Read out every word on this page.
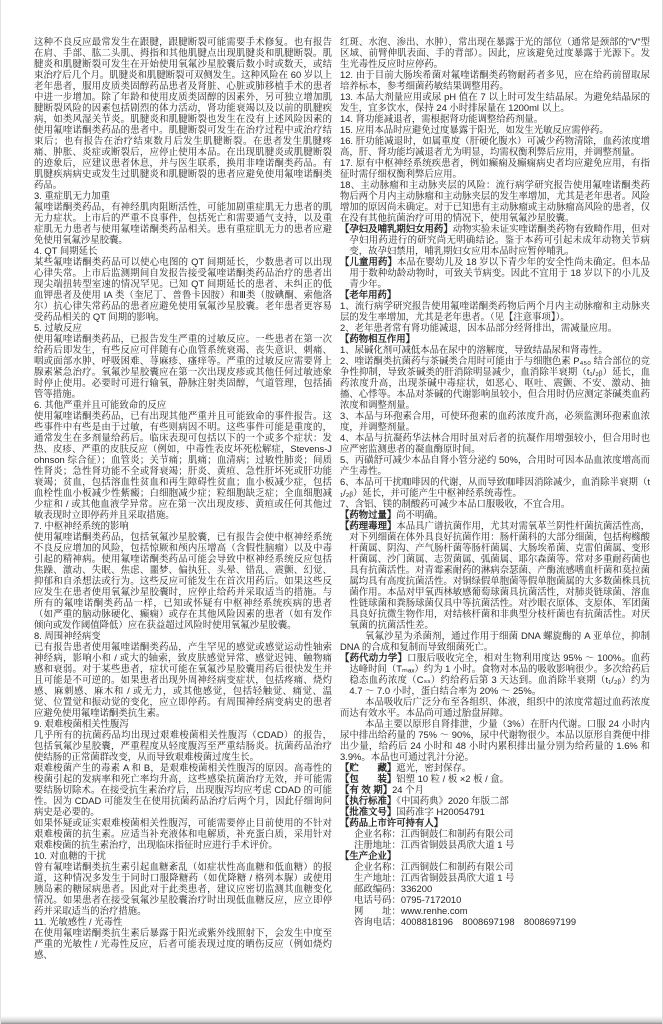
这种不良反应最常发生在跟腱，跟腱断裂可能需要手术修复。也有报告在肩、手部、肱二头肌、拇指和其他肌腱点出现肌腱炎和肌腱断裂。肌腱炎和肌腱断裂可发生在开始使用氧氟沙星胶囊后数小时或数天，或结束治疗后几个月。肌腱炎和肌腱断裂可双侧发生。这种风险在 60 岁以上老年患者，服用皮质类固醇药品患者及肾脏、心脏或肺移植手术的患者中进一步增加。除了年龄和使用皮质类固醇的因素外，另可独立增加肌腱断裂风险的因素包括剧烈的体力活动，肾功能衰竭以及以前的肌腱疾病，如类风湿关节炎。肌腱炎和肌腱断裂也发生在没有上述风险因素的使用氟喹诺酮类药品的患者中。肌腱断裂可发生在治疗过程中或治疗结束后；也有报告在治疗结束数月后发生肌腱断裂。在患者发生肌腱疼痛、肿胀、炎症或断裂后，应停止使用本品。在出现肌腱炎或肌腱断裂的迹象后，应建议患者休息，并与医生联系，换用非喹诺酮类药品。有肌腱疾病病史或发生过肌腱炎和肌腱断裂的患者应避免使用氟喹诺酮类药品。

3. 重症肌无力加重

氟喹诺酮类药品，有神经肌肉阻断活性，可能加剧重症肌无力患者的肌无力症状。上市后的严重不良事件，包括死亡和需要通气支持，以及重症肌无力患者与使用氟喹诺酮类药品相关。患有重症肌无力的患者应避免使用氧氟沙星胶囊。

4. QT 间期延长

某些氟喹诺酮类药品可以使心电图的 QT 间期延长，少数患者可以出现心律失常。上市后监测期间自发报告接受氟喹诺酮类药品治疗的患者出现尖端扭转型室速的情况罕见。已知 QT 间期延长的患者、未纠正的低血钾患者及使用 IA 类（奎尼丁、普鲁卡因胺）和Ⅲ类（胺碘酮、索他洛尔）抗心律失常药品的患者应避免使用氧氟沙星胶囊。老年患者更容易受药品相关的 QT 间期的影响。

5. 过敏反应

使用氟喹诺酮类药品，已报告发生严重的过敏反应。一些患者在第一次给药后即发生，有些反应可伴随有心血管系统衰竭、丧失意识、刺痛、咽或面部水肿、呼吸困难、荨麻疹、瘙痒等。严重的过敏反应需要肾上腺素紧急治疗。氧氟沙星胶囊应在第一次出现皮疹或其他任何过敏迹象时停止使用。必要时可进行输氧，静脉注射类固醇，气道管理，包括插管等措施。

6. 其他严重并且可能致命的反应

使用氟喹诺酮类药品，已有出现其他严重并且可能致命的事件报告。这些事件中有些是由于过敏，有些则病因不明。这些事件可能是重度的，通常发生在多剂量给药后。临床表现可包括以下的一个或多个症状：发热、皮疹、严重的皮肤反应（例如，中毒性表皮坏死松解症，Stevens-Johnson 综合征）；血管炎；关节痛；肌痛；血清病；过敏性肺炎；间质性肾炎；急性肾功能不全或肾衰竭；肝炎、黄疸、急性肝坏死或肝功能衰竭；贫血，包括溶血性贫血和再生障碍性贫血；血小板减少症，包括血栓性血小板减少性紫癜；白细胞减少症；粒细胞缺乏症；全血细胞减少症和 / 或其他血液学异常。应在第一次出现皮疹、黄疸或任何其他过敏表现时立即停药并且采取措施。

7. 中枢神经系统的影响

使用氟喹诺酮类药品，包括氧氟沙星胶囊，已有报告会使中枢神经系统不良反应增加的风险，包括惊厥和颅内压增高（含假性脑瘤）以及中毒引起的精神病。使用氟喹诺酮类药品可能会导致中枢神经系统反应包括焦躁、激动、失眠、焦虑、噩梦、偏执狂、头晕、错乱、震颤、幻觉、抑郁和自杀想法或行为。这些反应可能发生在首次用药后。如果这些反应发生在患者使用氧氟沙星胶囊时，应停止给药并采取适当的措施。与所有的氟喹诺酮类药品一样，已知或怀疑有中枢神经系统疾病的患者（如严重的脑动脉硬化、癫痫）或存在其他风险因素的患者（如有发作倾向或发作阈值降低）应在获益超过风险时使用氧氟沙星胶囊。

8. 周围神经病变

已有报告患者使用氟喹诺酮类药品，产生罕见的感觉或感觉运动性轴索神经病，影响小和 / 或大的轴索，致皮肤感觉异常、感觉迟钝、触物痛感和衰弱。对于某些患者，症状可能在氧氟沙星胶囊用药后很快发生并且可能是不可逆的。如果患者出现外周神经病变症状，包括疼痛、烧灼感、麻刺感、麻木和 / 或无力，或其他感觉，包括轻触觉、痛觉、温觉、位置觉和振动觉的变化，应立即停药。有周围神经病变病史的患者应避免使用氟喹诺酮类抗生素。

9. 艰难梭菌相关性腹泻

几乎所有的抗菌药品均出现过艰难梭菌相关性腹泻（CDAD）的报告，包括氧氟沙星胶囊，严重程度从轻度腹泻至严重结肠炎。抗菌药品治疗使结肠的正常菌群改变，从而导致艰难梭菌过度生长。

艰难梭菌产生的毒素 A 和 B，是艰难梭菌相关性腹泻的原因。高毒性的梭菌引起的发病率和死亡率均升高，这些感染抗菌治疗无效，并可能需要结肠切除术。在接受抗生素治疗后，出现腹泻均应考虑 CDAD 的可能性。因为 CDAD 可能发生在使用抗菌药品治疗后两个月，因此仔细询问病史是必要的。

如果怀疑或证实艰难梭菌相关性腹泻，可能需要停止目前使用的不针对艰难梭菌的抗生素。应适当补充液体和电解质，补充蛋白质，采用针对艰难梭菌的抗生素治疗，出现临床指征时应进行手术评价。

10. 对血糖的干扰

曾有氟喹诺酮类抗生素引起血糖紊乱（如症状性高血糖和低血糖）的报道，这种情况多发生于同时口服降糖药（如优降糖 / 格列本脲）或使用胰岛素的糖尿病患者。因此对于此类患者，建议应密切监测其血糖变化情况。如果患者在接受氧氟沙星胶囊治疗时出现低血糖反应，应立即停药并采取适当的治疗措施。

11. 光敏感性 / 光毒性

在使用氟喹诺酮类抗生素后暴露于阳光或紫外线照射下，会发生中度至严重的光敏性 / 光毒性反应，后者可能表现过度的晒伤反应（例如烧灼感、

红斑、水泡、渗出、水肿），常出现在暴露于光的部位（通常是颈部的“V”型区域、前臂伸肌表面、手的背部）。因此，应该避免过度暴露于光源下。发生光毒性反应时应停药。

12. 由于目前大肠埃希菌对氟喹诺酮类药物耐药者多见，应在给药前留取尿培养标本，参考细菌药敏结果调整用药。

13. 本品大剂量应用或尿 pH 值在 7 以上时可发生结晶尿。为避免结晶尿的发生，宜多饮水，保持 24 小时排尿量在 1200ml 以上。

14. 肾功能减退者，需根据肾功能调整给药剂量。

15. 应用本品时应避免过度暴露于阳光，如发生光敏反应需停药。

16. 肝功能减退时，如属重度（肝硬化腹水）可减少药物清除，血药浓度增高，肝、肾功能均减退者尤为明显，均需权衡利弊后应用，并调整剂量。

17. 原有中枢神经系统疾患者，例如癫痫及癫痫病史者均应避免应用，有指征时需仔细权衡利弊后应用。

18、主动脉瘤和主动脉夹层的风险：流行病学研究报告使用氟喹诺酮类药物后两个月内主动脉瘤和主动脉夹层的发生率增加，尤其是老年患者。风险增加的原因尚未确定。对于已知患有主动脉瘤或主动脉瘤高风险的患者，仅在没有其他抗菌治疗可用的情况下，使用氧氟沙星胶囊。

【孕妇及哺乳期妇女用药】动物实验未证实喹诺酮类药物有致畸作用，但对孕妇用药进行的研究尚无明确结论。鉴于本药可引起未成年动物关节病变，故孕妇禁用，哺乳期妇女应用本品时应暂停哺乳。

【儿童用药】本品在婴幼儿及 18 岁以下青少年的安全性尚未确定。但本品用于数种幼龄动物时，可致关节病变。因此不宜用于 18 岁以下的小儿及青少年。

【老年用药】

1、流行病学研究报告使用氟喹诺酮类药物后两个月内主动脉瘤和主动脉夹层的发生率增加，尤其是老年患者。（见【注意事项】）。

2、老年患者常有肾功能减退，因本品部分经肾排出，需减量应用。

【药物相互作用】

1、尿碱化剂可减低本品在尿中的溶解度，导致结晶尿和肾毒性。

2、喹诺酮类抗菌药与茶碱类合用时可能由于与细胞色素 P₄₅₀ 结合部位的竞争性抑制，导致茶碱类的肝消除明显减少，血消除半衰期（t₁/₂ᵦ）延长，血药浓度升高，出现茶碱中毒症状，如恶心、呕吐、震颤、不安、激动、抽搐、心悸等。本品对茶碱的代谢影响虽较小，但合用时仍应测定茶碱类血药浓度和调整剂量。

3、本品与环孢素合用，可使环孢素的血药浓度升高，必须监测环孢素血浓度，并调整剂量。

4、本品与抗凝药华法林合用时虽对后者的抗凝作用增强较小，但合用时也应严密监测患者的凝血酶原时间。

5、丙磺舒可减少本品自肾小管分泌约 50%，合用时可因本品血浓度增高而产生毒性。

6、本品可干扰咖啡因的代谢，从而导致咖啡因消除减少，血消除半衰期（t₁/₂ᵦ）延长，并可能产生中枢神经系统毒性。

7、含铝、镁的制酸药可减少本品口服吸收，不宜合用。

【药物过量】尚不明确。

【药理毒理】本品具广谱抗菌作用，尤其对需氧革兰阴性杆菌抗菌活性高，对下列细菌在体外具良好抗菌作用：肠杆菌科的大部分细菌，包括枸橼酸杆菌属、阴沟、产气肠杆菌等肠杆菌属、大肠埃希菌、克雷伯菌属、变形杆菌属、沙门菌属、志贺菌属、弧菌属、耶尔森菌等。常对多重耐药菌也具有抗菌活性。对青霉素耐药的淋病奈瑟菌、产酶流感嗜血杆菌和莫拉菌属均具有高度抗菌活性。对铜绿假单胞菌等假单胞菌属的大多数菌株具抗菌作用。本品对甲氧西林敏感葡萄球菌具抗菌活性，对肺炎链球菌、溶血性链球菌和粪肠球菌仅具中等抗菌活性。对沙眼衣原体、支原体、军团菌具良好抗微生物作用，对结核杆菌和非典型分枝杆菌也有抗菌活性。对厌氧菌的抗菌活性差。

氧氟沙星为杀菌剂，通过作用于细菌 DNA 螺旋酶的 A 亚单位，抑制 DNA 的合成和复制而导致细菌死亡。

【药代动力学】口服后吸收完全，相对生物利用度达 95% ～ 100%。血药达峰时间（Tₘₐₓ）约为 1 小时。食物对本品的吸收影响很少。多次给药后稳态血药浓度（Cₛₛ）约给药后第 3 天达到。血消除半衰期（t₁/₂ᵦ）约为 4.7 ～ 7.0 小时，蛋白结合率为 20% ～ 25%。

本品吸收后广泛分布至各组织、体液，组织中的浓度常超过血药浓度而达有效水平。本品尚可通过胎盘屏障。

本品主要以原形自肾排泄，少量（3%）在肝内代谢。口服 24 小时内尿中排出给药量的 75% ～ 90%，尿中代谢物很少。本品以原形自粪便中排出少量，给药后 24 小时和 48 小时内累积排出量分别为给药量的 1.6% 和 3.9%。本品也可通过乳汁分泌。

【贮　　藏】遮光，密封保存。

【包　　装】铝塑 10 粒 / 板 ×2 板 / 盒。

【有 效 期】24 个月

【执行标准】《中国药典》2020 年版二部

【批准文号】国药准字 H20054791

【药品上市许可持有人】

企业名称：江西铜鼓仁和制药有限公司

注册地址：江西省铜鼓县禹欣大道 1 号

【生产企业】

企业名称：江西铜鼓仁和制药有限公司

生产地址：江西省铜鼓县禹欣大道 1 号

邮政编码：336200

电话号码：0795-7172010

网　　址：www.renhe.com

咨询电话：4008818196　8008697198　8008697199
